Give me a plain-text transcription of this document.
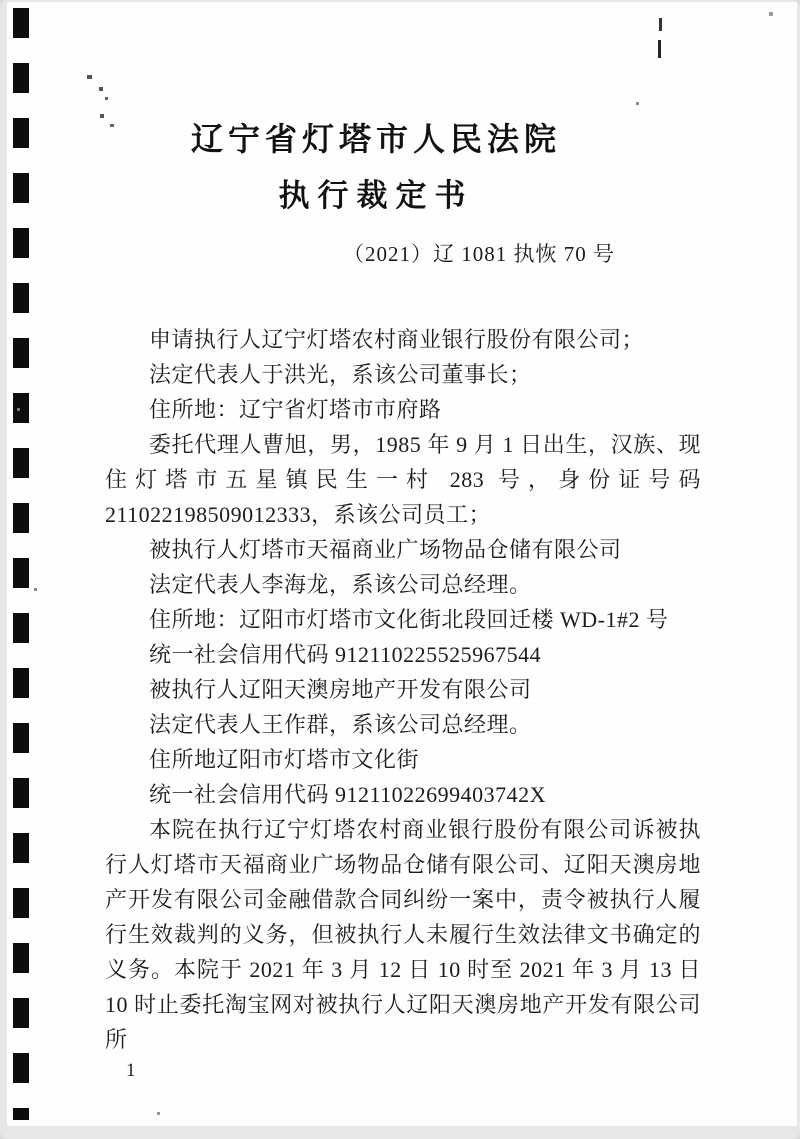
辽宁省灯塔市人民法院
执行裁定书
（2021）辽 1081 执恢 70 号

申请执行人辽宁灯塔农村商业银行股份有限公司；

法定代表人于洪光，系该公司董事长；

住所地：辽宁省灯塔市市府路

委托代理人曹旭，男，1985 年 9 月 1 日出生，汉族、现住灯塔市五星镇民生一村 283 号，身份证号码 211022198509012333，系该公司员工；

被执行人灯塔市天福商业广场物品仓储有限公司

法定代表人李海龙，系该公司总经理。

住所地：辽阳市灯塔市文化街北段回迁楼 WD-1#2 号

统一社会信用代码 912110225525967544

被执行人辽阳天澳房地产开发有限公司

法定代表人王作群，系该公司总经理。

住所地辽阳市灯塔市文化街

统一社会信用代码 91211022699403742X

本院在执行辽宁灯塔农村商业银行股份有限公司诉被执行人灯塔市天福商业广场物品仓储有限公司、辽阳天澳房地产开发有限公司金融借款合同纠纷一案中，责令被执行人履行生效裁判的义务，但被执行人未履行生效法律文书确定的义务。本院于 2021 年 3 月 12 日 10 时至 2021 年 3 月 13 日 10 时止委托淘宝网对被执行人辽阳天澳房地产开发有限公司所

1
